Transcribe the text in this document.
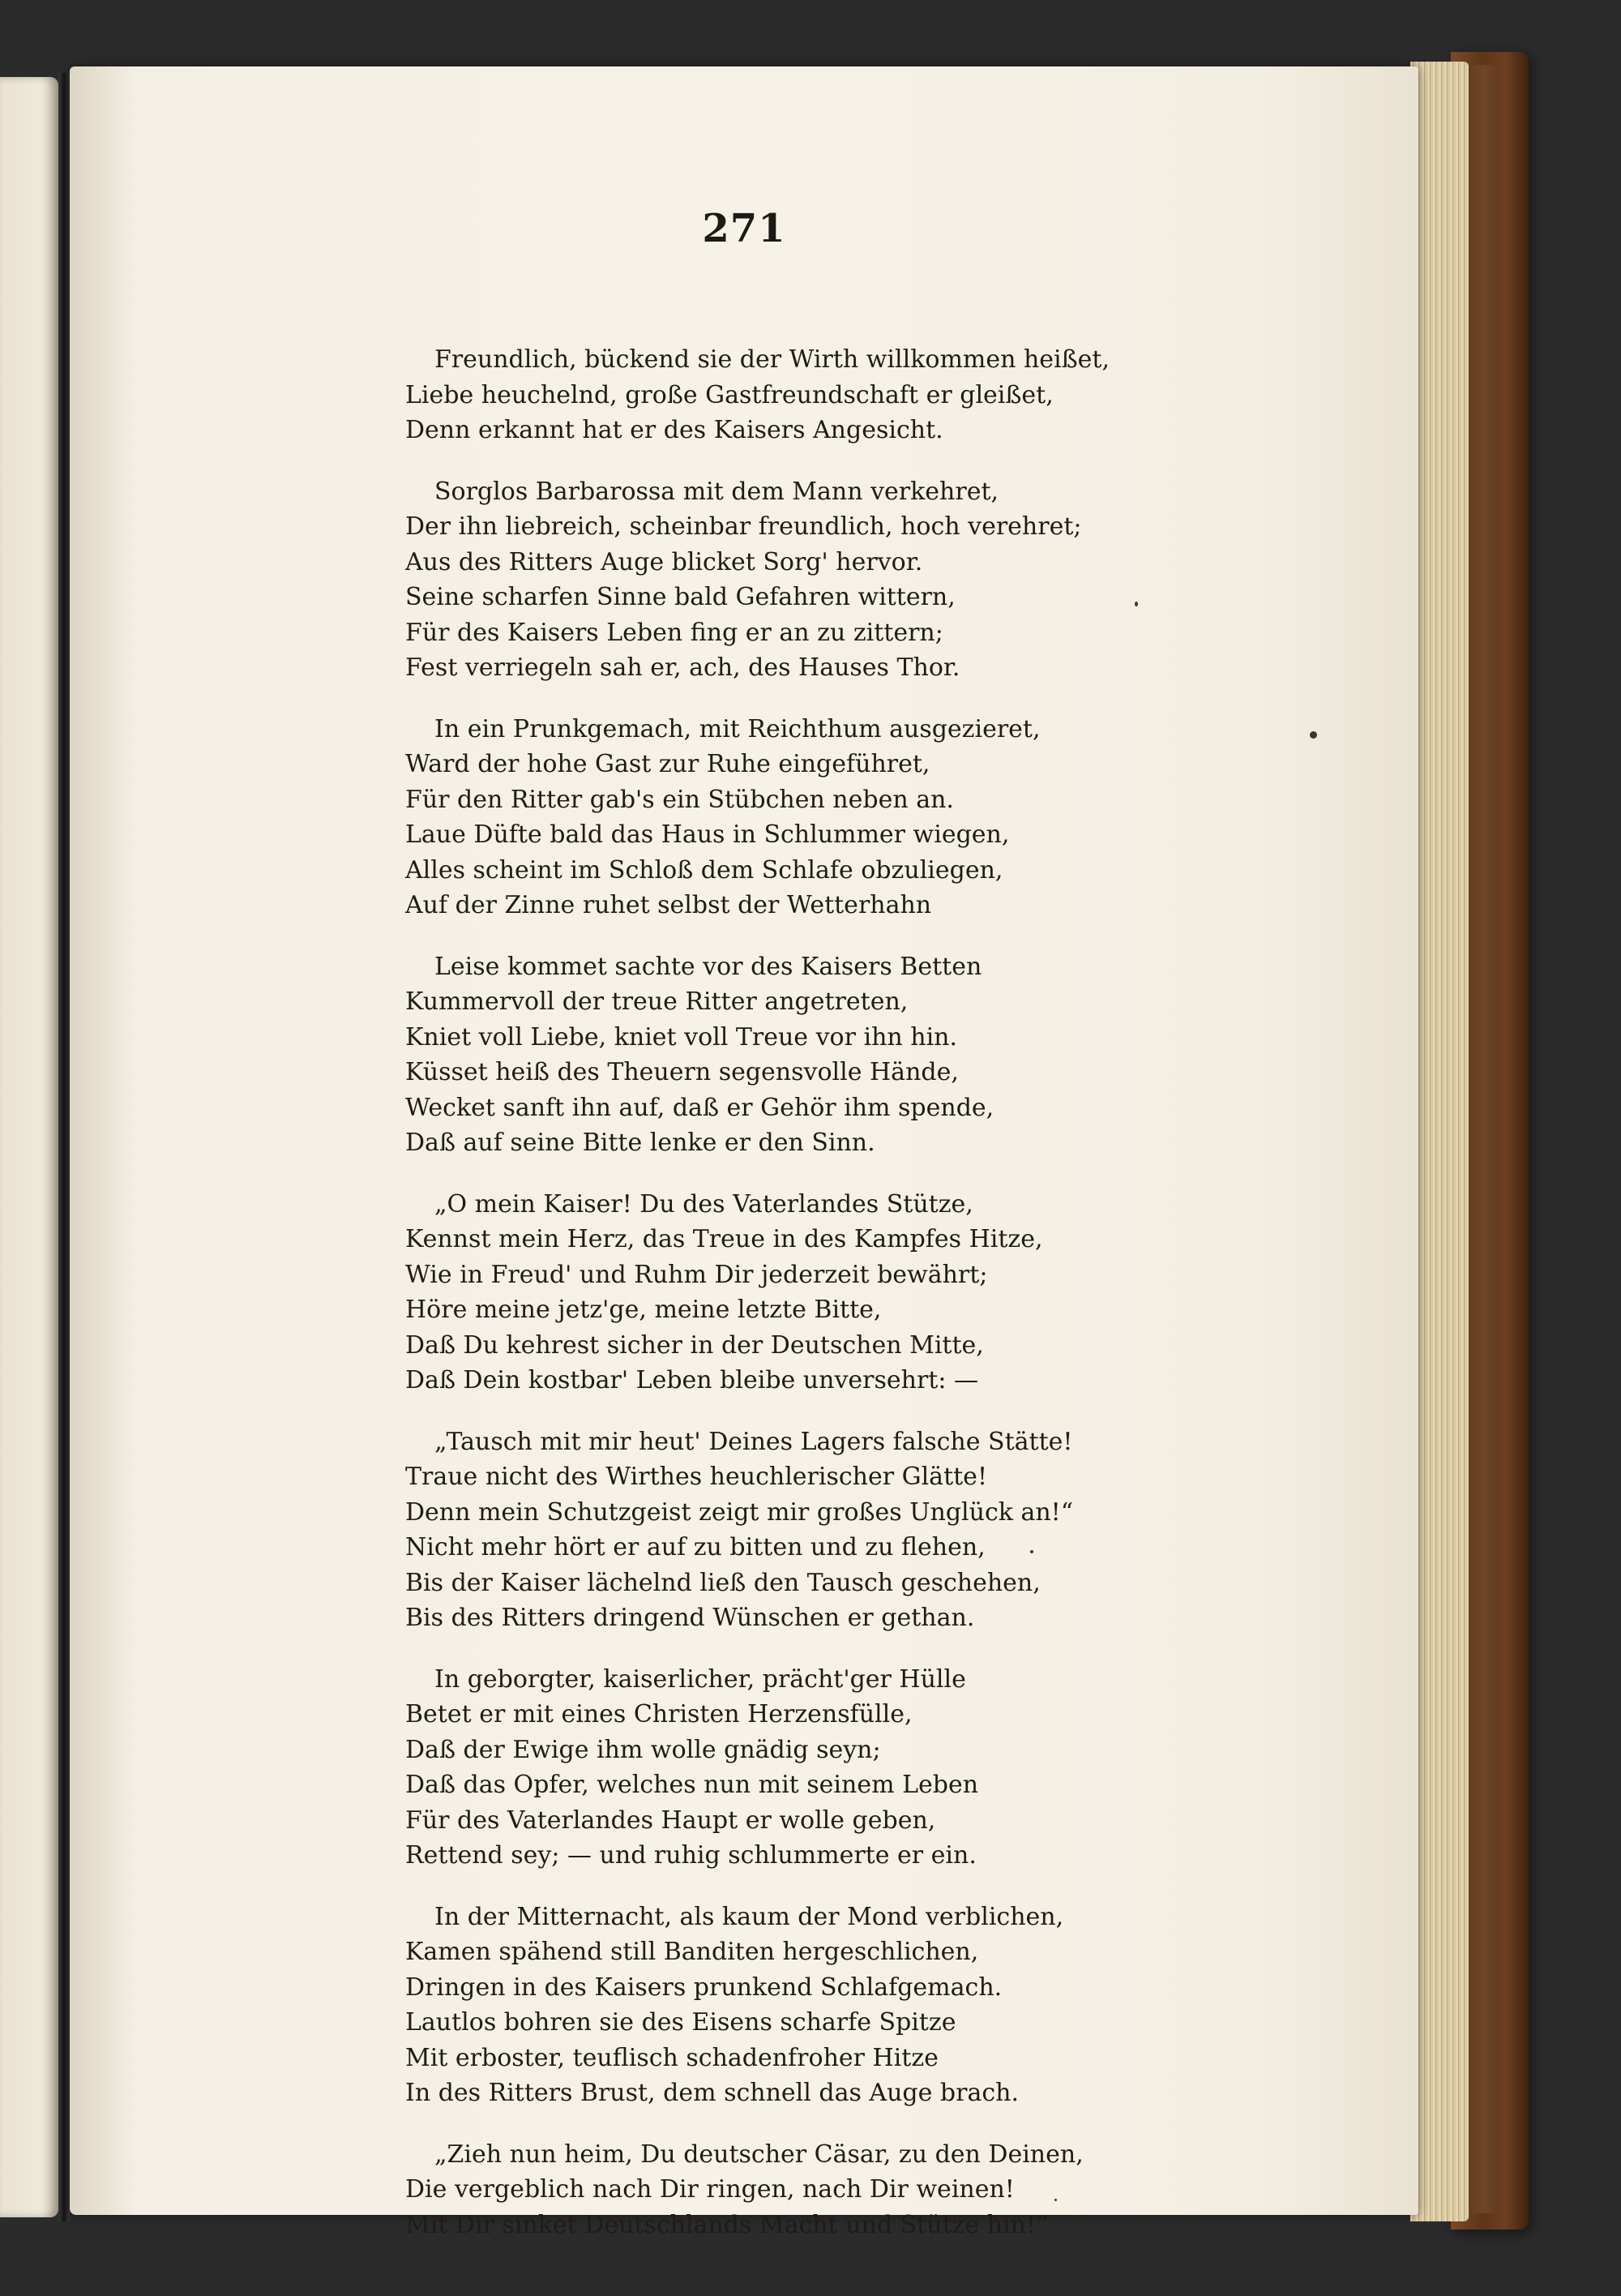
271
Freundlich, bückend sie der Wirth willkommen heißet,
Liebe heuchelnd, große Gastfreundschaft er gleißet,
Denn erkannt hat er des Kaisers Angesicht.
Sorglos Barbarossa mit dem Mann verkehret,
Der ihn liebreich, scheinbar freundlich, hoch verehret;
Aus des Ritters Auge blicket Sorg' hervor.
Seine scharfen Sinne bald Gefahren wittern,
Für des Kaisers Leben fing er an zu zittern;
Fest verriegeln sah er, ach, des Hauses Thor.
In ein Prunkgemach, mit Reichthum ausgezieret,
Ward der hohe Gast zur Ruhe eingeführet,
Für den Ritter gab's ein Stübchen neben an.
Laue Düfte bald das Haus in Schlummer wiegen,
Alles scheint im Schloß dem Schlafe obzuliegen,
Auf der Zinne ruhet selbst der Wetterhahn
Leise kommet sachte vor des Kaisers Betten
Kummervoll der treue Ritter angetreten,
Kniet voll Liebe, kniet voll Treue vor ihn hin.
Küsset heiß des Theuern segensvolle Hände,
Wecket sanft ihn auf, daß er Gehör ihm spende,
Daß auf seine Bitte lenke er den Sinn.
„O mein Kaiser! Du des Vaterlandes Stütze,
Kennst mein Herz, das Treue in des Kampfes Hitze,
Wie in Freud' und Ruhm Dir jederzeit bewährt;
Höre meine jetz'ge, meine letzte Bitte,
Daß Du kehrest sicher in der Deutschen Mitte,
Daß Dein kostbar' Leben bleibe unversehrt: —
„Tausch mit mir heut' Deines Lagers falsche Stätte!
Traue nicht des Wirthes heuchlerischer Glätte!
Denn mein Schutzgeist zeigt mir großes Unglück an!“
Nicht mehr hört er auf zu bitten und zu flehen,
Bis der Kaiser lächelnd ließ den Tausch geschehen,
Bis des Ritters dringend Wünschen er gethan.
In geborgter, kaiserlicher, prächt'ger Hülle
Betet er mit eines Christen Herzensfülle,
Daß der Ewige ihm wolle gnädig seyn;
Daß das Opfer, welches nun mit seinem Leben
Für des Vaterlandes Haupt er wolle geben,
Rettend sey; — und ruhig schlummerte er ein.
In der Mitternacht, als kaum der Mond verblichen,
Kamen spähend still Banditen hergeschlichen,
Dringen in des Kaisers prunkend Schlafgemach.
Lautlos bohren sie des Eisens scharfe Spitze
Mit erboster, teuflisch schadenfroher Hitze
In des Ritters Brust, dem schnell das Auge brach.
„Zieh nun heim, Du deutscher Cäsar, zu den Deinen,
Die vergeblich nach Dir ringen, nach Dir weinen!
Mit Dir sinket Deutschlands Macht und Stütze hin!“
